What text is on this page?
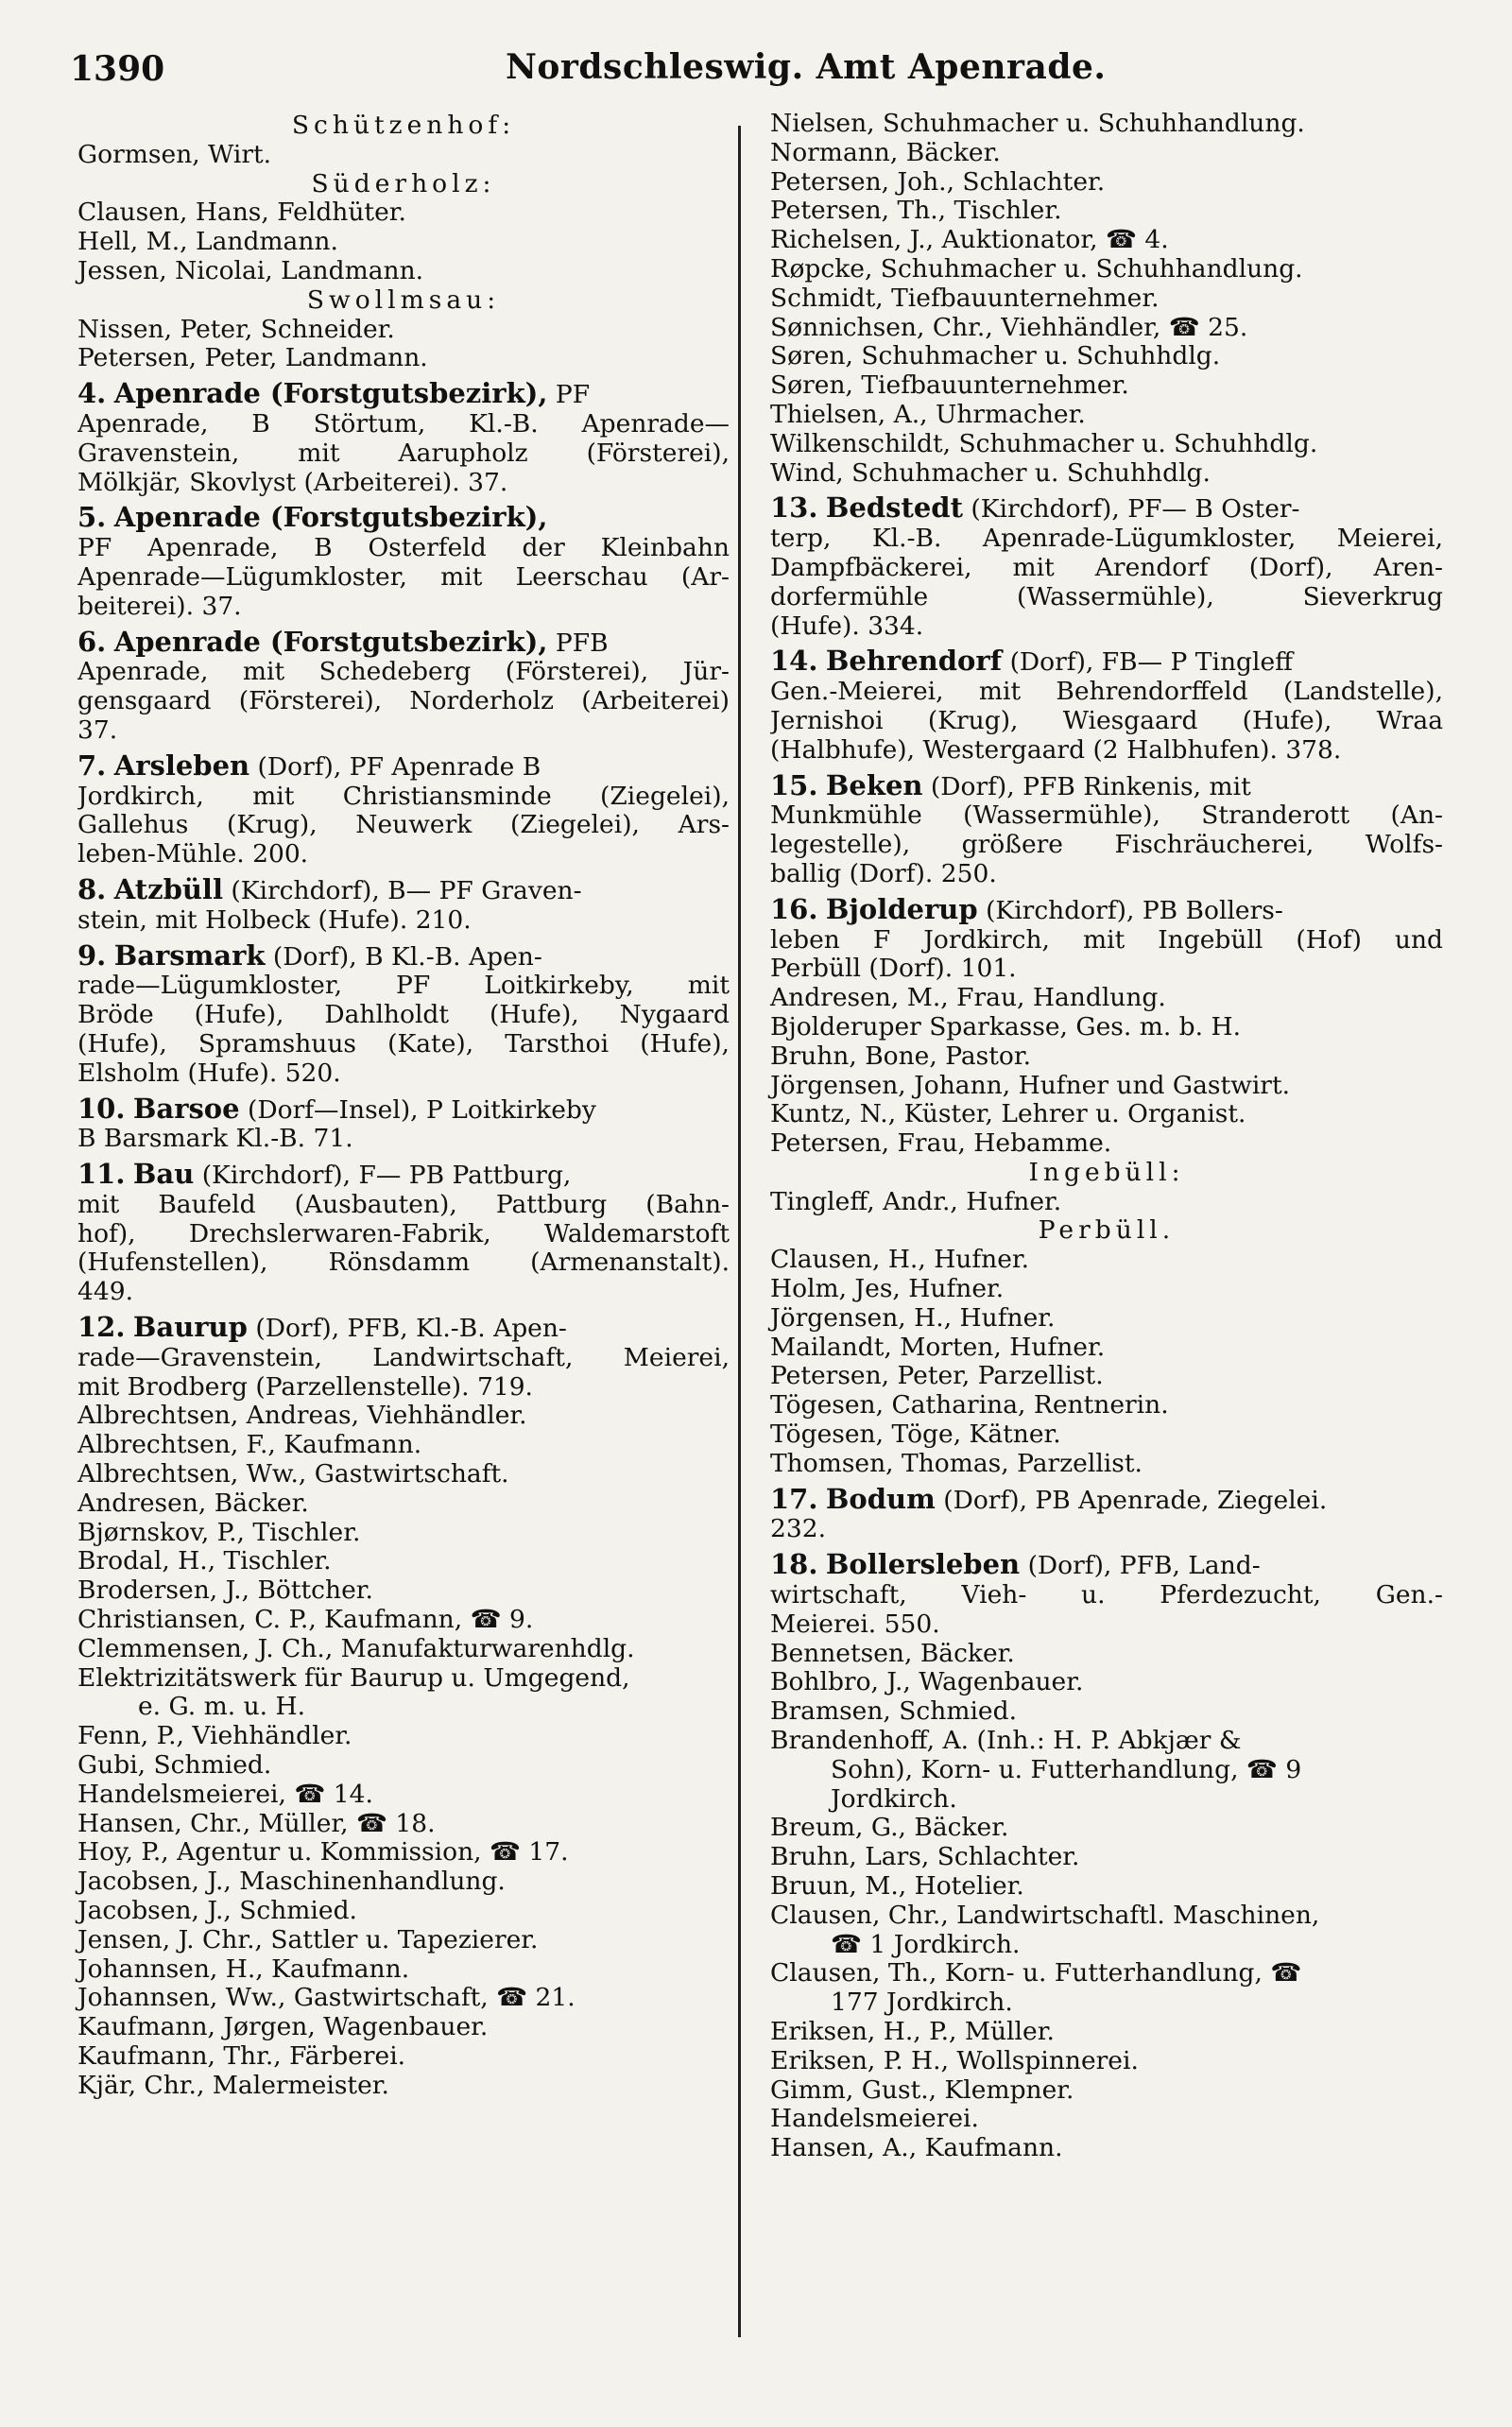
1390	Nordschleswig. Amt Apenrade.
Schützenhof:
Gormsen, Wirt.
Süderholz:
Clausen, Hans, Feldhüter.
Hell, M., Landmann.
Jessen, Nicolai, Landmann.
Swollmsau:
Nissen, Peter, Schneider.
Petersen, Peter, Landmann.
4. Apenrade (Forstgutsbezirk), PF
Apenrade, B Störtum, Kl.-B. Apenrade—
Gravenstein, mit Aarupholz (Försterei),
Mölkjär, Skovlyst (Arbeiterei). 37.
5. Apenrade (Forstgutsbezirk),
PF Apenrade, B Osterfeld der Kleinbahn
Apenrade—Lügumkloster, mit Leerschau (Ar-
beiterei). 37.
6. Apenrade (Forstgutsbezirk), PFB
Apenrade, mit Schedeberg (Försterei), Jür-
gensgaard (Försterei), Norderholz (Arbeiterei)
37.
7. Arsleben (Dorf), PF Apenrade B
Jordkirch, mit Christiansminde (Ziegelei),
Gallehus (Krug), Neuwerk (Ziegelei), Ars-
leben-Mühle. 200.
8. Atzbüll (Kirchdorf), B— PF Graven-
stein, mit Holbeck (Hufe). 210.
9. Barsmark (Dorf), B Kl.-B. Apen-
rade—Lügumkloster, PF Loitkirkeby, mit
Bröde (Hufe), Dahlholdt (Hufe), Nygaard
(Hufe), Spramshuus (Kate), Tarsthoi (Hufe),
Elsholm (Hufe). 520.
10. Barsoe (Dorf—Insel), P Loitkirkeby
B Barsmark Kl.-B. 71.
11. Bau (Kirchdorf), F— PB Pattburg,
mit Baufeld (Ausbauten), Pattburg (Bahn-
hof), Drechslerwaren-Fabrik, Waldemarstoft
(Hufenstellen), Rönsdamm (Armenanstalt).
449.
12. Baurup (Dorf), PFB, Kl.-B. Apen-
rade—Gravenstein, Landwirtschaft, Meierei,
mit Brodberg (Parzellenstelle). 719.
Albrechtsen, Andreas, Viehhändler.
Albrechtsen, F., Kaufmann.
Albrechtsen, Ww., Gastwirtschaft.
Andresen, Bäcker.
Bjørnskov, P., Tischler.
Brodal, H., Tischler.
Brodersen, J., Böttcher.
Christiansen, C. P., Kaufmann, ☎ 9.
Clemmensen, J. Ch., Manufakturwarenhdlg.
Elektrizitätswerk für Baurup u. Umgegend,
e. G. m. u. H.
Fenn, P., Viehhändler.
Gubi, Schmied.
Handelsmeierei, ☎ 14.
Hansen, Chr., Müller, ☎ 18.
Hoy, P., Agentur u. Kommission, ☎ 17.
Jacobsen, J., Maschinenhandlung.
Jacobsen, J., Schmied.
Jensen, J. Chr., Sattler u. Tapezierer.
Johannsen, H., Kaufmann.
Johannsen, Ww., Gastwirtschaft, ☎ 21.
Kaufmann, Jørgen, Wagenbauer.
Kaufmann, Thr., Färberei.
Kjär, Chr., Malermeister.
Nielsen, Schuhmacher u. Schuhhandlung.
Normann, Bäcker.
Petersen, Joh., Schlachter.
Petersen, Th., Tischler.
Richelsen, J., Auktionator, ☎ 4.
Røpcke, Schuhmacher u. Schuhhandlung.
Schmidt, Tiefbauunternehmer.
Sønnichsen, Chr., Viehhändler, ☎ 25.
Søren, Schuhmacher u. Schuhhdlg.
Søren, Tiefbauunternehmer.
Thielsen, A., Uhrmacher.
Wilkenschildt, Schuhmacher u. Schuhhdlg.
Wind, Schuhmacher u. Schuhhdlg.
13. Bedstedt (Kirchdorf), PF— B Oster-
terp, Kl.-B. Apenrade-Lügumkloster, Meierei,
Dampfbäckerei, mit Arendorf (Dorf), Aren-
dorfermühle (Wassermühle), Sieverkrug
(Hufe). 334.
14. Behrendorf (Dorf), FB— P Tingleff
Gen.-Meierei, mit Behrendorffeld (Landstelle),
Jernishoi (Krug), Wiesgaard (Hufe), Wraa
(Halbhufe), Westergaard (2 Halbhufen). 378.
15. Beken (Dorf), PFB Rinkenis, mit
Munkmühle (Wassermühle), Stranderott (An-
legestelle), größere Fischräucherei, Wolfs-
ballig (Dorf). 250.
16. Bjolderup (Kirchdorf), PB Bollers-
leben F Jordkirch, mit Ingebüll (Hof) und
Perbüll (Dorf). 101.
Andresen, M., Frau, Handlung.
Bjolderuper Sparkasse, Ges. m. b. H.
Bruhn, Bone, Pastor.
Jörgensen, Johann, Hufner und Gastwirt.
Kuntz, N., Küster, Lehrer u. Organist.
Petersen, Frau, Hebamme.
Ingebüll:
Tingleff, Andr., Hufner.
Perbüll.
Clausen, H., Hufner.
Holm, Jes, Hufner.
Jörgensen, H., Hufner.
Mailandt, Morten, Hufner.
Petersen, Peter, Parzellist.
Tögesen, Catharina, Rentnerin.
Tögesen, Töge, Kätner.
Thomsen, Thomas, Parzellist.
17. Bodum (Dorf), PB Apenrade, Ziegelei.
232.
18. Bollersleben (Dorf), PFB, Land-
wirtschaft, Vieh- u. Pferdezucht, Gen.-
Meierei. 550.
Bennetsen, Bäcker.
Bohlbro, J., Wagenbauer.
Bramsen, Schmied.
Brandenhoff, A. (Inh.: H. P. Abkjær &
Sohn), Korn- u. Futterhandlung, ☎ 9
Jordkirch.
Breum, G., Bäcker.
Bruhn, Lars, Schlachter.
Bruun, M., Hotelier.
Clausen, Chr., Landwirtschaftl. Maschinen,
☎ 1 Jordkirch.
Clausen, Th., Korn- u. Futterhandlung, ☎
177 Jordkirch.
Eriksen, H., P., Müller.
Eriksen, P. H., Wollspinnerei.
Gimm, Gust., Klempner.
Handelsmeierei.
Hansen, A., Kaufmann.
